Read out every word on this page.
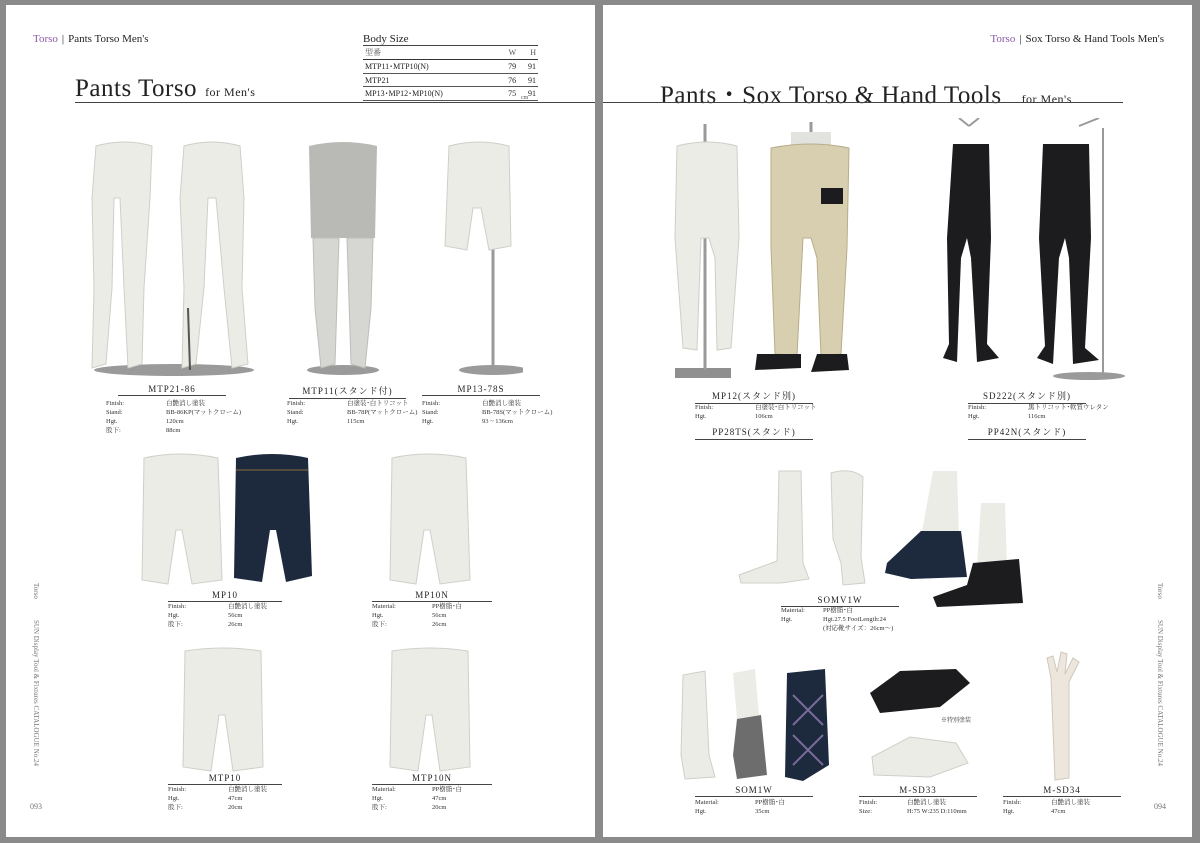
Torso | Pants Torso Men's
Pants Torso for Men's
Body Size
型番	W	H
MTP11･MTP10(N)	79	91
MTP21	76	91
MP13･MP12･MP10(N)	75	91
cm
MTP21-86
Finish:	白艶消し塗装
Stand:	BB-86KP(マットクローム)
Hgt.	120cm
股下:	88cm
MTP11(スタンド付)
Finish:	白塗装･白トリコット
Stand:	BB-78P(マットクローム)
Hgt.	115cm
MP13-78S
Finish:	白艶消し塗装
Stand:	BB-78S(マットクローム)
Hgt.	93 ~ 136cm
MP10
Finish:	白艶消し塗装
Hgt.	56cm
股下:	26cm
MP10N
Material:	PP樹脂･白
Hgt.	56cm
股下:	26cm
MTP10
Finish:	白艶消し塗装
Hgt.	47cm
股下:	20cm
MTP10N
Material:	PP樹脂･白
Hgt.	47cm
股下:	20cm
Torso
SUN Display Tool & Fixtures CATALOGUE No.24
093
Torso | Sox Torso & Hand Tools Men's
Pants・Sox Torso & Hand Tools for Men's
MP12(スタンド別)
Finish:	白塗装･白トリコット
Hgt.	106cm
PP28TS(スタンド)
SD222(スタンド別)
Finish:	黒トリコット･軟質ウレタン
Hgt.	116cm
PP42N(スタンド)
SOMV1W
Material:	PP樹脂･白
Hgt.	Hgt.27.5 FootLength:24
(対応靴サイズ：26cm～)
SOM1W
Material:	PP樹脂･白
Hgt.	35cm
※特別塗装
M-SD33
Finish:	白艶消し塗装
Size:	H:75 W:235 D:110mm
M-SD34
Finish:	白艶消し塗装
Hgt.	47cm
Torso
SUN Display Tool & Fixtures CATALOGUE No.24
094
